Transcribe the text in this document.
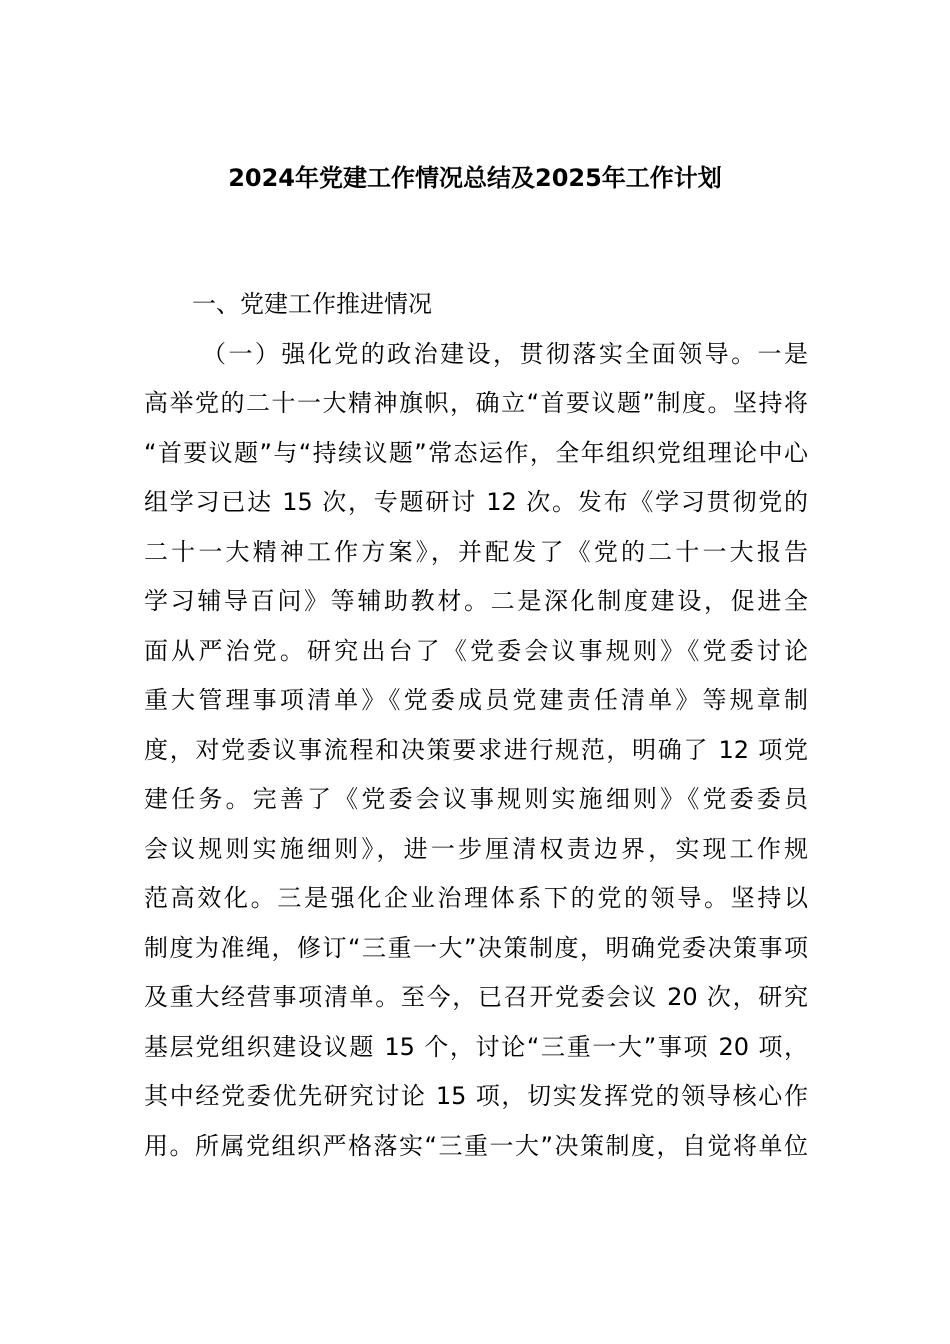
2024年党建工作情况总结及2025年工作计划

一、党建工作推进情况

（一）强化党的政治建设，贯彻落实全面领导。一是

高举党的二十一大精神旗帜，确立“首要议题”制度。坚持将

“首要议题”与“持续议题”常态运作，全年组织党组理论中心

组学习已达 15 次，专题研讨 12 次。发布《学习贯彻党的

二十一大精神工作方案》，并配发了《党的二十一大报告

学习辅导百问》等辅助教材。二是深化制度建设，促进全

面从严治党。研究出台了《党委会议事规则》《党委讨论

重大管理事项清单》《党委成员党建责任清单》等规章制

度，对党委议事流程和决策要求进行规范，明确了 12 项党

建任务。完善了《党委会议事规则实施细则》《党委委员

会议规则实施细则》，进一步厘清权责边界，实现工作规

范高效化。三是强化企业治理体系下的党的领导。坚持以

制度为准绳，修订“三重一大”决策制度，明确党委决策事项

及重大经营事项清单。至今，已召开党委会议 20 次，研究

基层党组织建设议题 15 个，讨论“三重一大”事项 20 项，

其中经党委优先研究讨论 15 项，切实发挥党的领导核心作

用。所属党组织严格落实“三重一大”决策制度，自觉将单位
